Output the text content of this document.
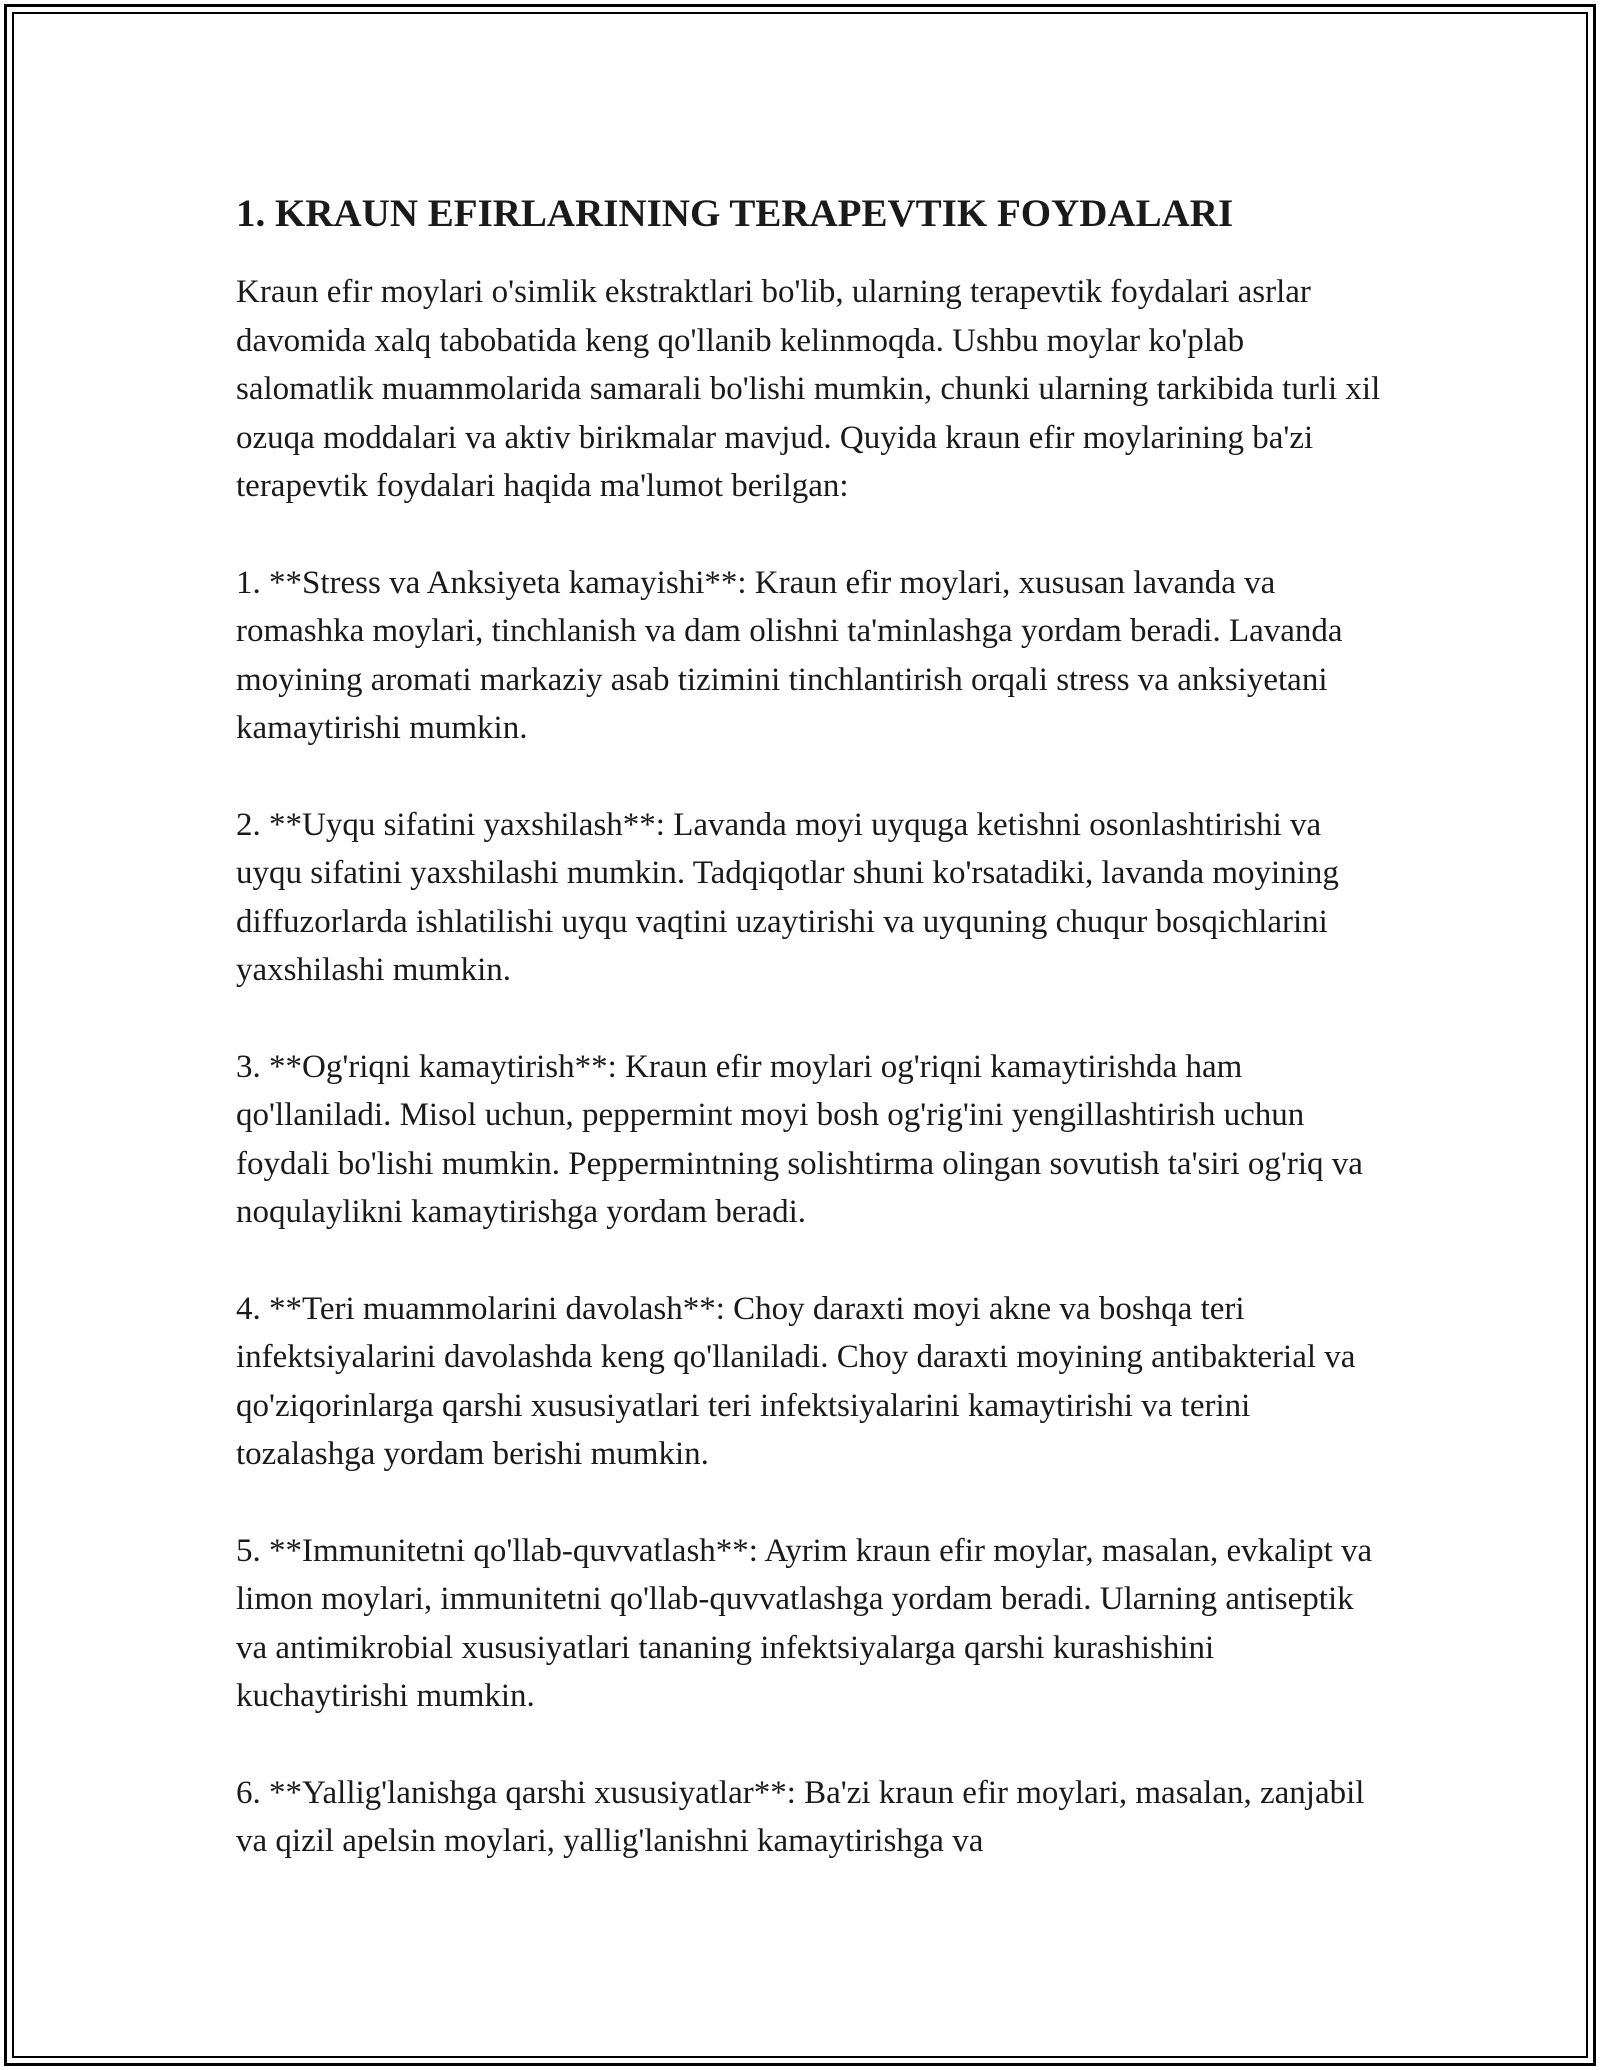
1. KRAUN EFIRLARINING TERAPEVTIK FOYDALARI

Kraun efir moylari o'simlik ekstraktlari bo'lib, ularning terapevtik foydalari asrlar davomida xalq tabobatida keng qo'llanib kelinmoqda. Ushbu moylar ko'plab salomatlik muammolarida samarali bo'lishi mumkin, chunki ularning tarkibida turli xil ozuqa moddalari va aktiv birikmalar mavjud. Quyida kraun efir moylarining ba'zi terapevtik foydalari haqida ma'lumot berilgan:

1. **Stress va Anksiyeta kamayishi**: Kraun efir moylari, xususan lavanda va romashka moylari, tinchlanish va dam olishni ta'minlashga yordam beradi. Lavanda moyining aromati markaziy asab tizimini tinchlantirish orqali stress va anksiyetani kamaytirishi mumkin.

2. **Uyqu sifatini yaxshilash**: Lavanda moyi uyquga ketishni osonlashtirishi va uyqu sifatini yaxshilashi mumkin. Tadqiqotlar shuni ko'rsatadiki, lavanda moyining diffuzorlarda ishlatilishi uyqu vaqtini uzaytirishi va uyquning chuqur bosqichlarini yaxshilashi mumkin.

3. **Og'riqni kamaytirish**: Kraun efir moylari og'riqni kamaytirishda ham qo'llaniladi. Misol uchun, peppermint moyi bosh og'rig'ini yengillashtirish uchun foydali bo'lishi mumkin. Peppermintning solishtirma olingan sovutish ta'siri og'riq va noqulaylikni kamaytirishga yordam beradi.

4. **Teri muammolarini davolash**: Choy daraxti moyi akne va boshqa teri infektsiyalarini davolashda keng qo'llaniladi. Choy daraxti moyining antibakterial va qo'ziqorinlarga qarshi xususiyatlari teri infektsiyalarini kamaytirishi va terini tozalashga yordam berishi mumkin.

5. **Immunitetni qo'llab-quvvatlash**: Ayrim kraun efir moylar, masalan, evkalipt va limon moylari, immunitetni qo'llab-quvvatlashga yordam beradi. Ularning antiseptik va antimikrobial xususiyatlari tananing infektsiyalarga qarshi kurashishini kuchaytirishi mumkin.

6. **Yallig'lanishga qarshi xususiyatlar**: Ba'zi kraun efir moylari, masalan, zanjabil va qizil apelsin moylari, yallig'lanishni kamaytirishga va
